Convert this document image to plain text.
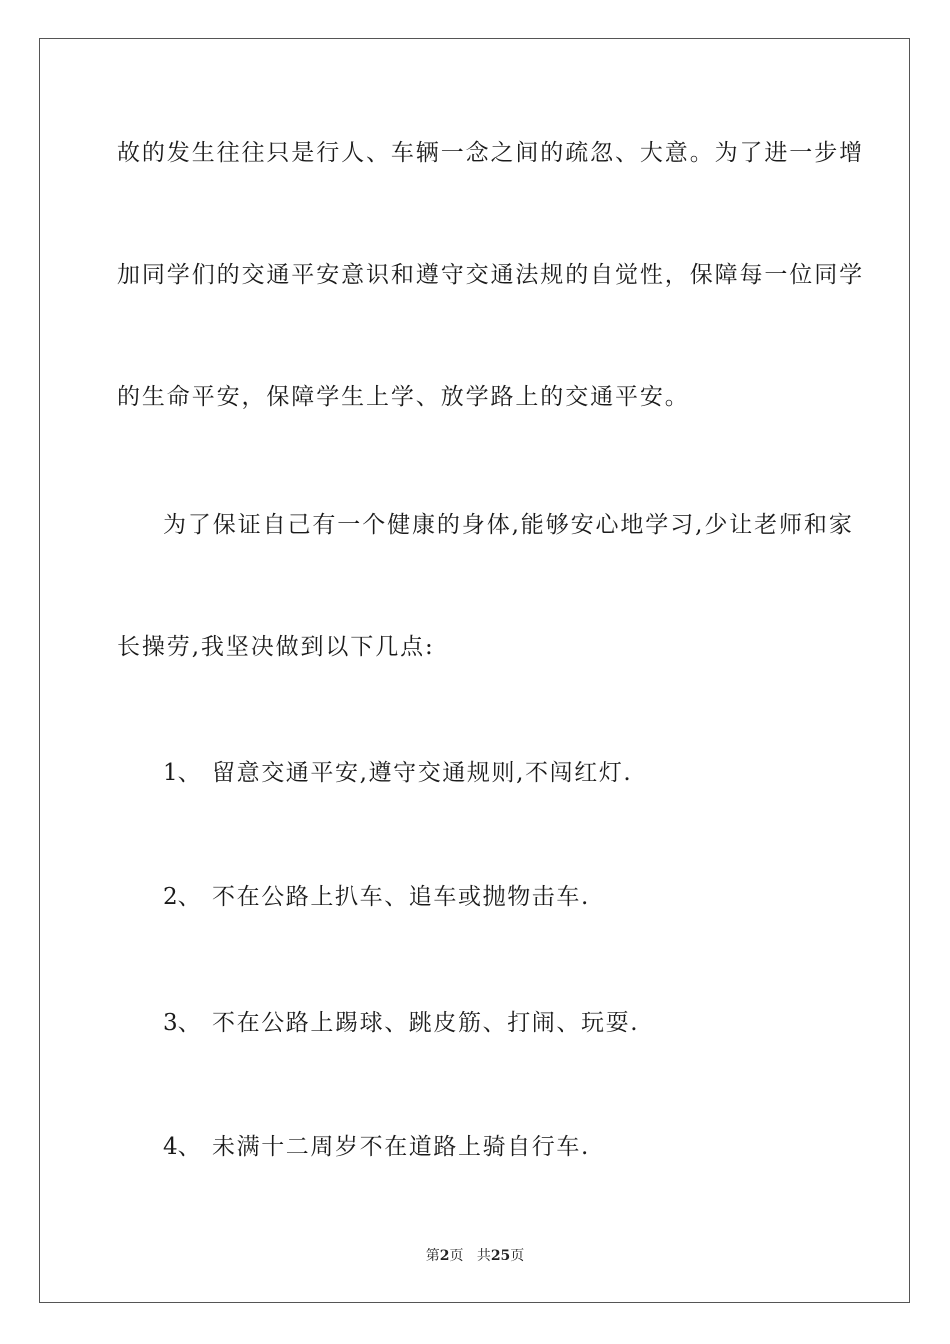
故的发生往往只是行人、车辆一念之间的疏忽、大意。为了进一步增
加同学们的交通平安意识和遵守交通法规的自觉性，保障每一位同学
的生命平安，保障学生上学、放学路上的交通平安。
为了保证自己有一个健康的身体,能够安心地学习,少让老师和家
长操劳,我坚决做到以下几点:
1、 留意交通平安,遵守交通规则,不闯红灯.
2、 不在公路上扒车、追车或抛物击车.
3、 不在公路上踢球、跳皮筋、打闹、玩耍.
4、 未满十二周岁不在道路上骑自行车.
第2页 共25页
